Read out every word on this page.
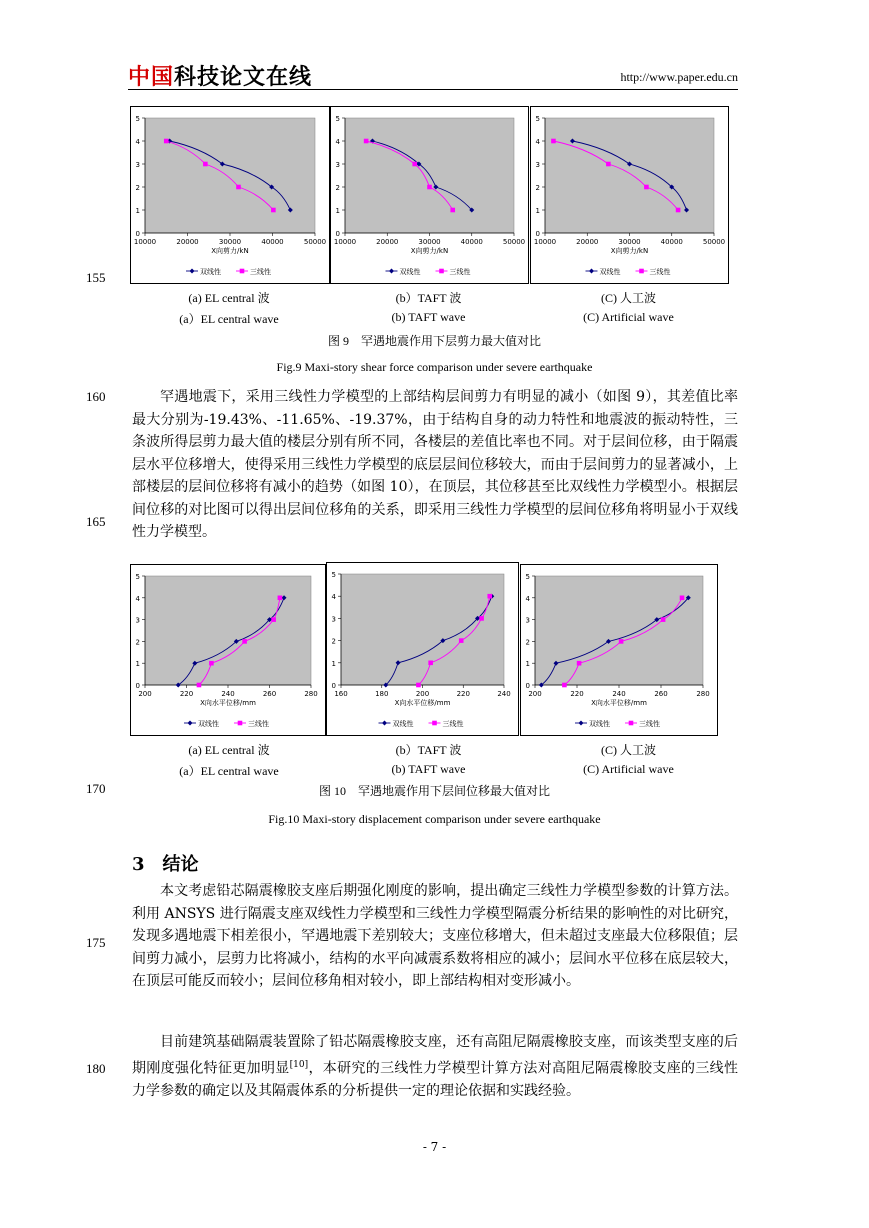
中国科技论文在线	http://www.paper.edu.cn
155
160
165
170
175
180
0
1
2
3
4
5
10000	20000	30000	40000	50000
X向剪力/kN
双线性	三线性
0
1
2
3
4
5
10000	20000	30000	40000	50000
X向剪力/kN
双线性	三线性
0
1
2
3
4
5
10000	20000	30000	40000	50000
X向剪力/kN
双线性	三线性
(a) EL central 波	(b）TAFT 波	(C) 人工波
(a）EL central wave	(b) TAFT wave	(C) Artificial wave
图 9　罕遇地震作用下层剪力最大值对比
Fig.9 Maxi-story shear force comparison under severe earthquake

罕遇地震下，采用三线性力学模型的上部结构层间剪力有明显的减小（如图 9），其差值比率最大分别为-19.43%、-11.65%、-19.37%，由于结构自身的动力特性和地震波的振动特性，三条波所得层剪力最大值的楼层分别有所不同，各楼层的差值比率也不同。对于层间位移，由于隔震层水平位移增大，使得采用三线性力学模型的底层层间位移较大，而由于层间剪力的显著减小，上部楼层的层间位移将有减小的趋势（如图 10），在顶层，其位移甚至比双线性力学模型小。根据层间位移的对比图可以得出层间位移角的关系，即采用三线性力学模型的层间位移角将明显小于双线性力学模型。

0
1
2
3
4
5
200	220	240	260	280
X向水平位移/mm
双线性	三线性
0
1
2
3
4
5
160	180	200	220	240
X向水平位移/mm
双线性	三线性
0
1
2
3
4
5
200	220	240	260	280
X向水平位移/mm
双线性	三线性
(a) EL central 波	(b）TAFT 波	(C) 人工波
(a）EL central wave	(b) TAFT wave	(C) Artificial wave
图 10　罕遇地震作用下层间位移最大值对比
Fig.10 Maxi-story displacement comparison under severe earthquake
3　结论

本文考虑铅芯隔震橡胶支座后期强化刚度的影响，提出确定三线性力学模型参数的计算方法。利用 ANSYS 进行隔震支座双线性力学模型和三线性力学模型隔震分析结果的影响性的对比研究，发现多遇地震下相差很小，罕遇地震下差别较大；支座位移增大，但未超过支座最大位移限值；层间剪力减小，层剪力比将减小，结构的水平向减震系数将相应的减小；层间水平位移在底层较大，在顶层可能反而较小；层间位移角相对较小，即上部结构相对变形减小。

目前建筑基础隔震装置除了铅芯隔震橡胶支座，还有高阻尼隔震橡胶支座，而该类型支座的后期刚度强化特征更加明显[10]，本研究的三线性力学模型计算方法对高阻尼隔震橡胶支座的三线性力学参数的确定以及其隔震体系的分析提供一定的理论依据和实践经验。

- 7 -
